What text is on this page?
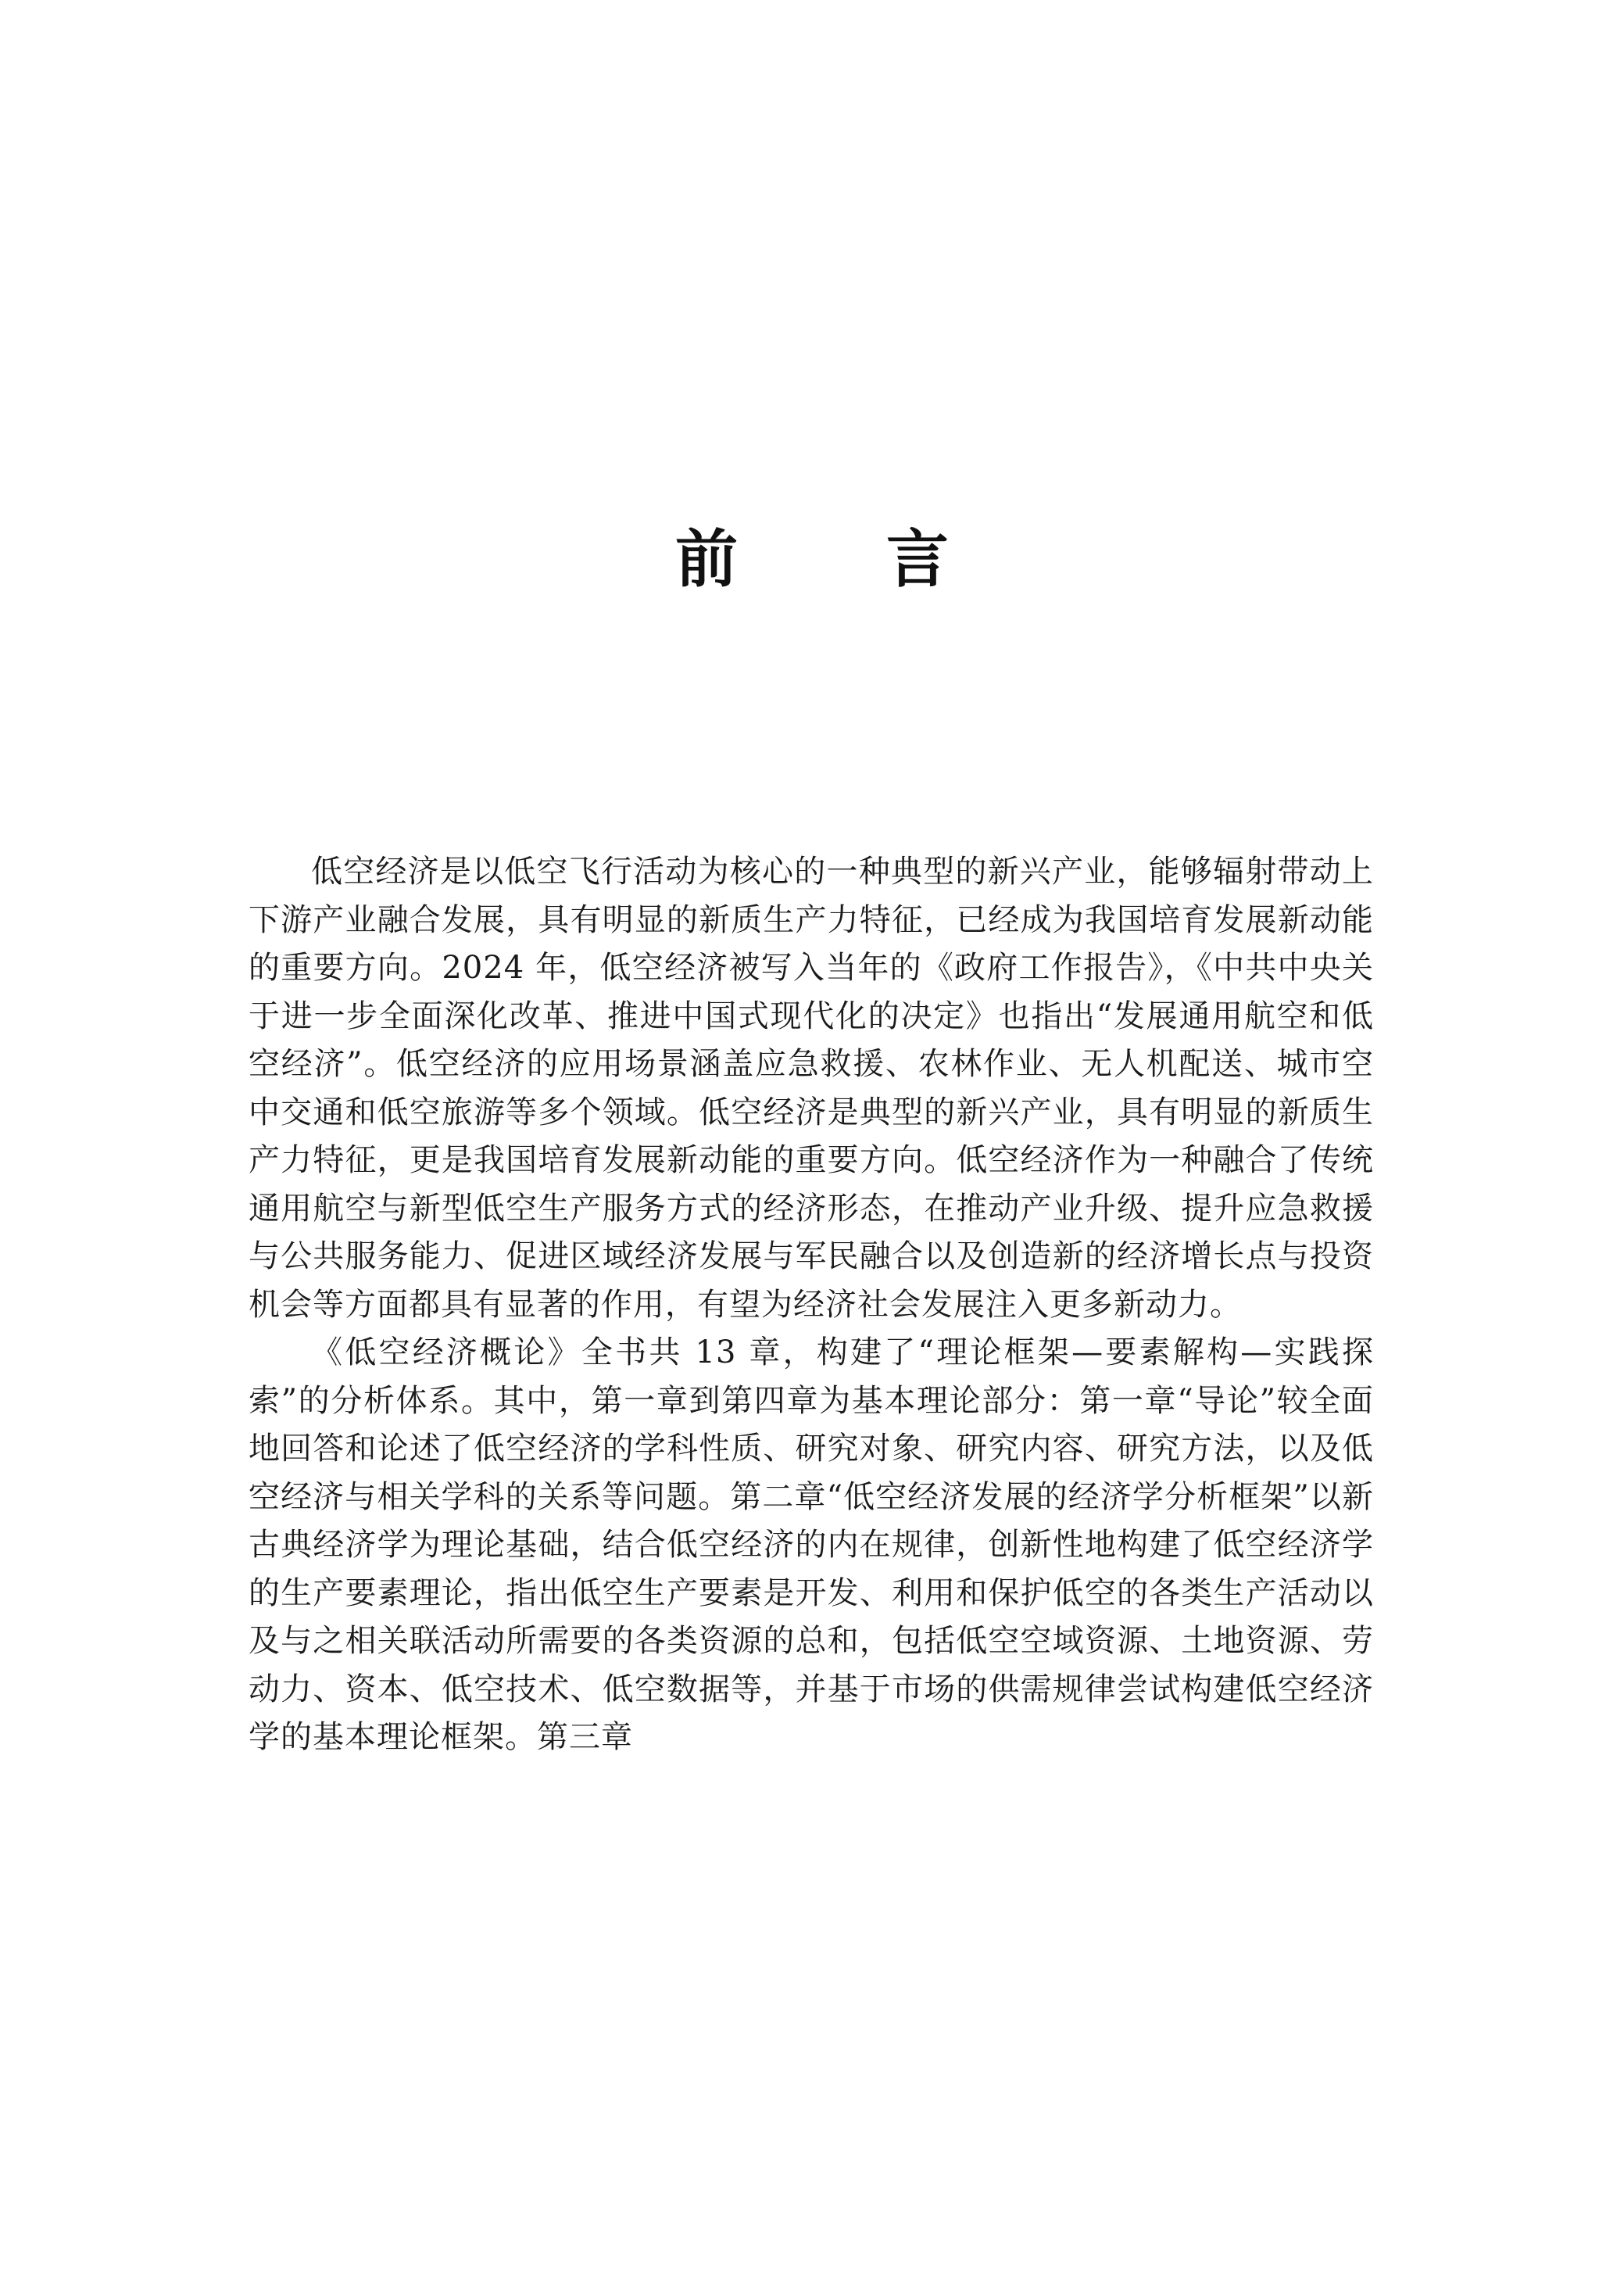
前 言

低空经济是以低空飞行活动为核心的一种典型的新兴产业，能够辐射带动上下游产业融合发展，具有明显的新质生产力特征，已经成为我国培育发展新动能的重要方向。2024 年，低空经济被写入当年的《政府工作报告》，《中共中央关于进一步全面深化改革、推进中国式现代化的决定》也指出“发展通用航空和低空经济”。低空经济的应用场景涵盖应急救援、农林作业、无人机配送、城市空中交通和低空旅游等多个领域。低空经济是典型的新兴产业，具有明显的新质生产力特征，更是我国培育发展新动能的重要方向。低空经济作为一种融合了传统通用航空与新型低空生产服务方式的经济形态，在推动产业升级、提升应急救援与公共服务能力、促进区域经济发展与军民融合以及创造新的经济增长点与投资机会等方面都具有显著的作用，有望为经济社会发展注入更多新动力。

《低空经济概论》全书共 13 章，构建了“理论框架—要素解构—实践探索”的分析体系。其中，第一章到第四章为基本理论部分：第一章“导论”较全面地回答和论述了低空经济的学科性质、研究对象、研究内容、研究方法，以及低空经济与相关学科的关系等问题。第二章“低空经济发展的经济学分析框架”以新古典经济学为理论基础，结合低空经济的内在规律，创新性地构建了低空经济学的生产要素理论，指出低空生产要素是开发、利用和保护低空的各类生产活动以及与之相关联活动所需要的各类资源的总和，包括低空空域资源、土地资源、劳动力、资本、低空技术、低空数据等，并基于市场的供需规律尝试构建低空经济学的基本理论框架。第三章
